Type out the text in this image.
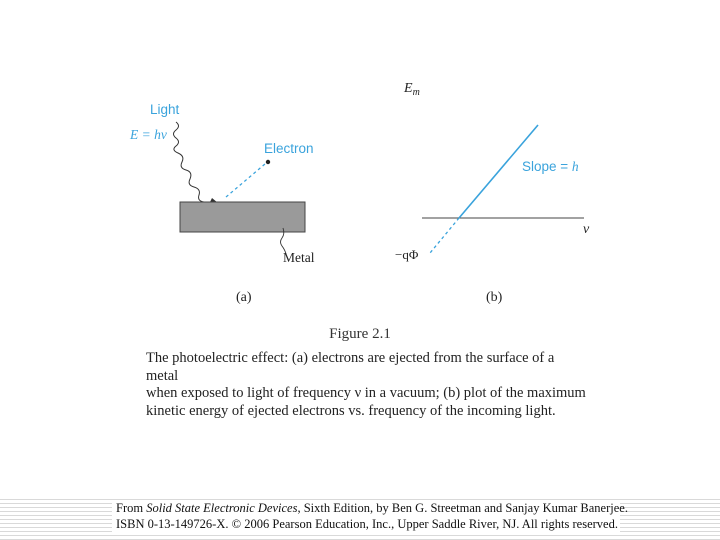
Light
E = hν
Electron
Metal
(a)
$E_m$
ν
Slope = h
−qΦ
(b)
Figure 2.1

The photoelectric effect: (a) electrons are ejected from the surface of a metal

when exposed to light of frequency ν in a vacuum; (b) plot of the maximum

kinetic energy of ejected electrons vs. frequency of the incoming light.

From Solid State Electronic Devices, Sixth Edition, by Ben G. Streetman and Sanjay Kumar Banerjee.

ISBN 0-13-149726-X. © 2006 Pearson Education, Inc., Upper Saddle River, NJ. All rights reserved.
